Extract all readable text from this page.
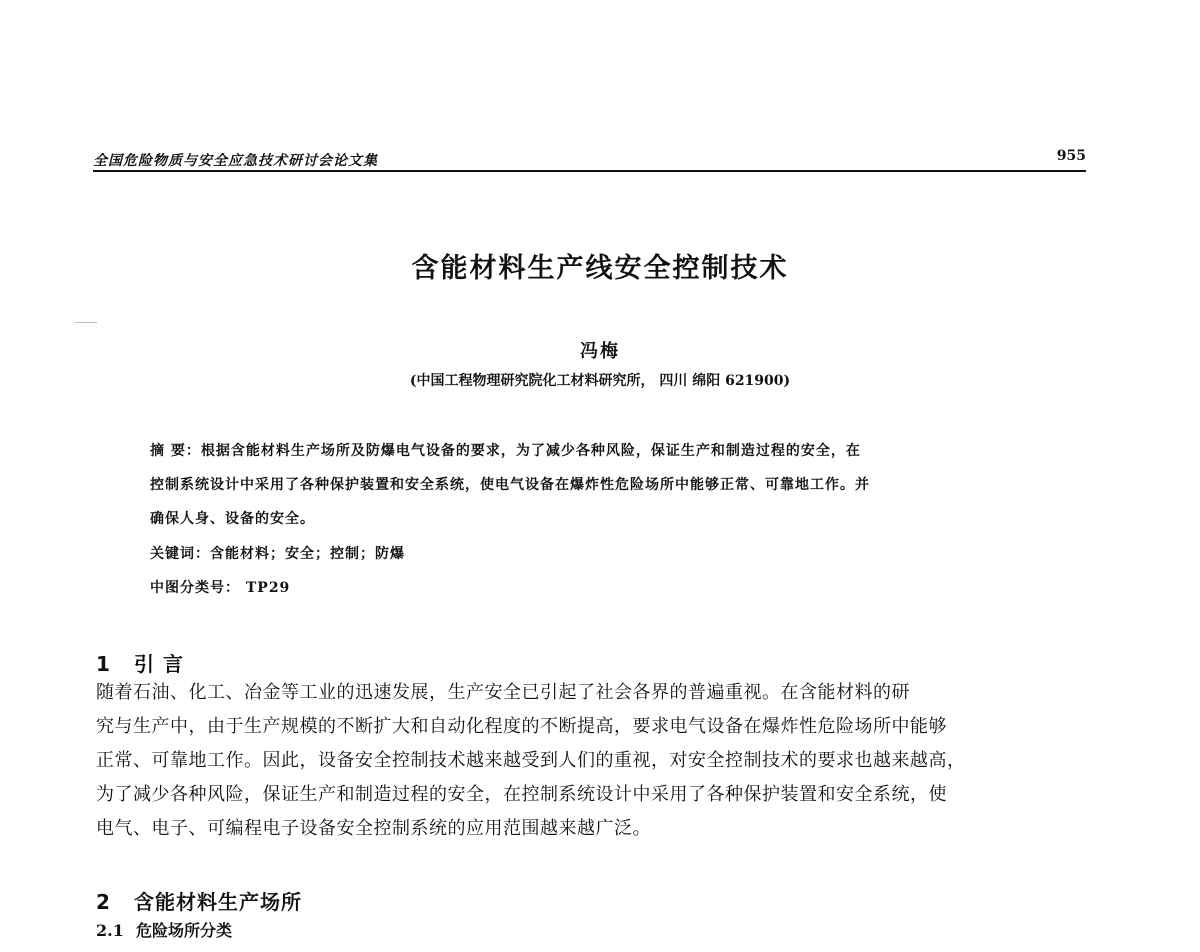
全国危险物质与安全应急技术研讨会论文集	955
含能材料生产线安全控制技术
冯梅
(中国工程物理研究院化工材料研究所， 四川 绵阳 621900)
摘 要：根据含能材料生产场所及防爆电气设备的要求，为了减少各种风险，保证生产和制造过程的安全，在
控制系统设计中采用了各种保护装置和安全系统，使电气设备在爆炸性危险场所中能够正常、可靠地工作。并
确保人身、设备的安全。
关键词：含能材料；安全；控制；防爆
中图分类号： TP29
1 引 言
随着石油、化工、冶金等工业的迅速发展，生产安全已引起了社会各界的普遍重视。在含能材料的研
究与生产中，由于生产规模的不断扩大和自动化程度的不断提高，要求电气设备在爆炸性危险场所中能够
正常、可靠地工作。因此，设备安全控制技术越来越受到人们的重视，对安全控制技术的要求也越来越高，
为了减少各种风险，保证生产和制造过程的安全，在控制系统设计中采用了各种保护装置和安全系统，使
电气、电子、可编程电子设备安全控制系统的应用范围越来越广泛。
2 含能材料生产场所
2.1 危险场所分类
